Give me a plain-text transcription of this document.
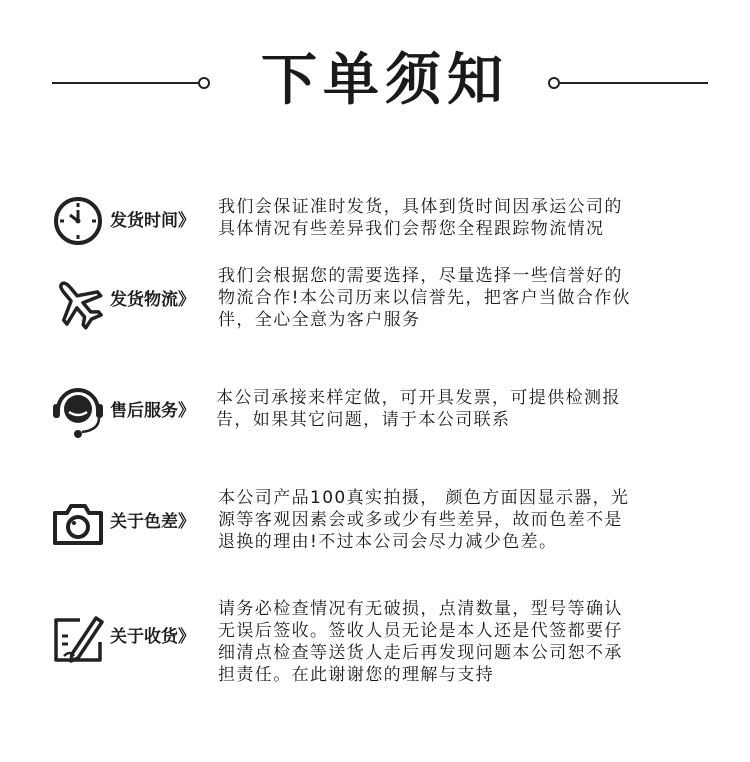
下单须知
发货时间》

我们会保证准时发货，具体到货时间因承运公司的
具体情况有些差异我们会帮您全程跟踪物流情况

发货物流》

我们会根据您的需要选择，尽量选择一些信誉好的
物流合作!本公司历来以信誉先，把客户当做合作伙
伴，全心全意为客户服务

售后服务》

本公司承接来样定做，可开具发票，可提供检测报
告，如果其它问题，请于本公司联系

关于色差》

本公司产品100真实拍摄， 颜色方面因显示器，光
源等客观因素会或多或少有些差异，故而色差不是
退换的理由!不过本公司会尽力减少色差。

关于收货》

请务必检查情况有无破损，点清数量，型号等确认
无误后签收。签收人员无论是本人还是代签都要仔
细清点检查等送货人走后再发现问题本公司恕不承
担责任。在此谢谢您的理解与支持
